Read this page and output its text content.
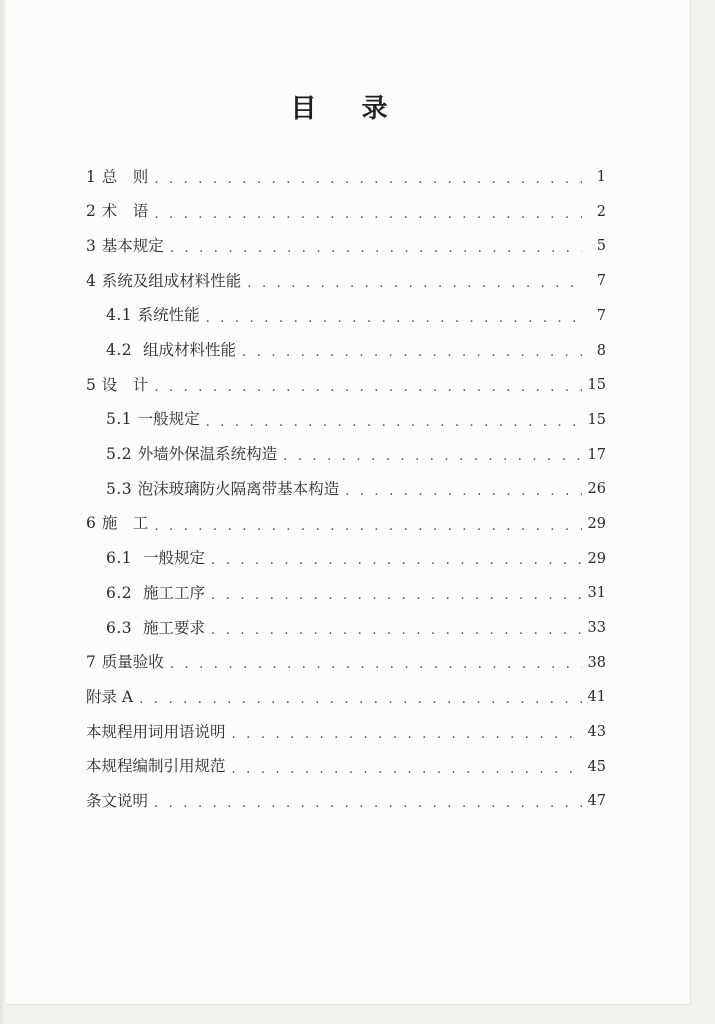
目 录
1 总　则 . . .	1
2 术　语 . . .	2
3 基本规定 . . .	5
4 系统及组成材料性能 . . .	7
4.1 系统性能 . . .	7
4.2 组成材料性能 . . .	8
5 设　计 . . .	15
5.1 一般规定 . . .	15
5.2 外墙外保温系统构造 . . .	17
5.3 泡沫玻璃防火隔离带基本构造 . . .	26
6 施　工 . . .	29
6.1 一般规定 . . .	29
6.2 施工工序 . . .	31
6.3 施工要求 . . .	33
7 质量验收 . . .	38
附录 A . . .	41
本规程用词用语说明 . . .	43
本规程编制引用规范 . . .	45
条文说明 . . .	47
